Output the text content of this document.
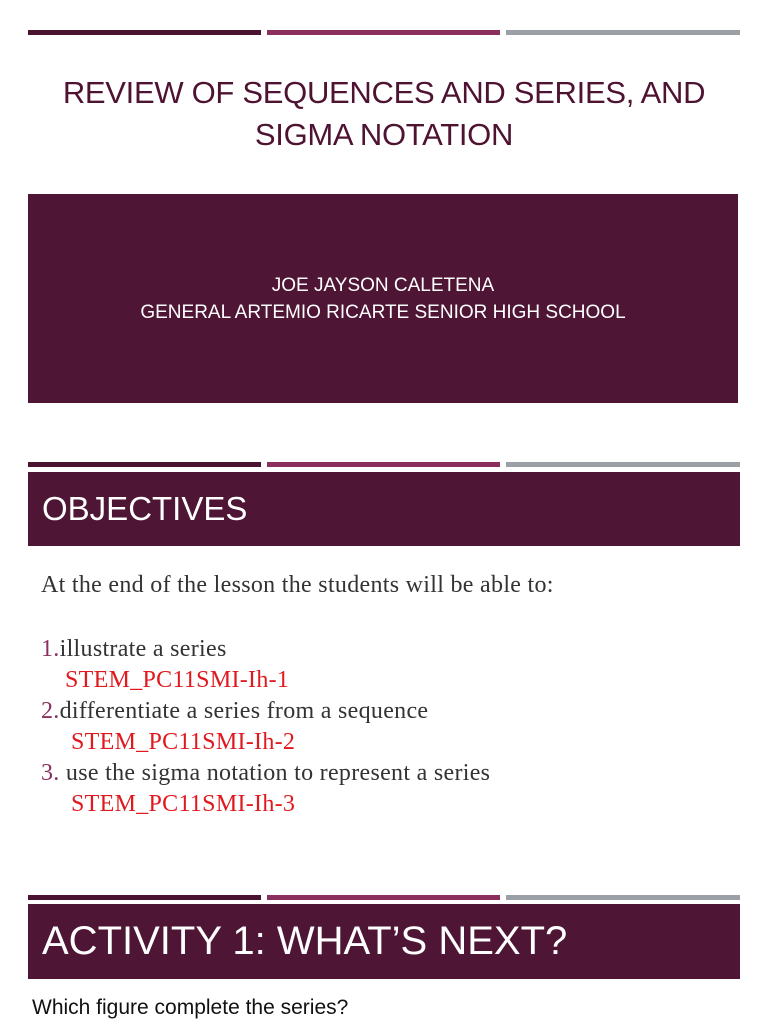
REVIEW OF SEQUENCES AND SERIES, AND
SIGMA NOTATION
JOE JAYSON CALETENA
GENERAL ARTEMIO RICARTE SENIOR HIGH SCHOOL
OBJECTIVES
At the end of the lesson the students will be able to:
1.illustrate a series
STEM_PC11SMI-Ih-1
2.differentiate a series from a sequence
STEM_PC11SMI-Ih-2
3. use the sigma notation to represent a series
STEM_PC11SMI-Ih-3
ACTIVITY 1: WHAT’S NEXT?
Which figure complete the series?
